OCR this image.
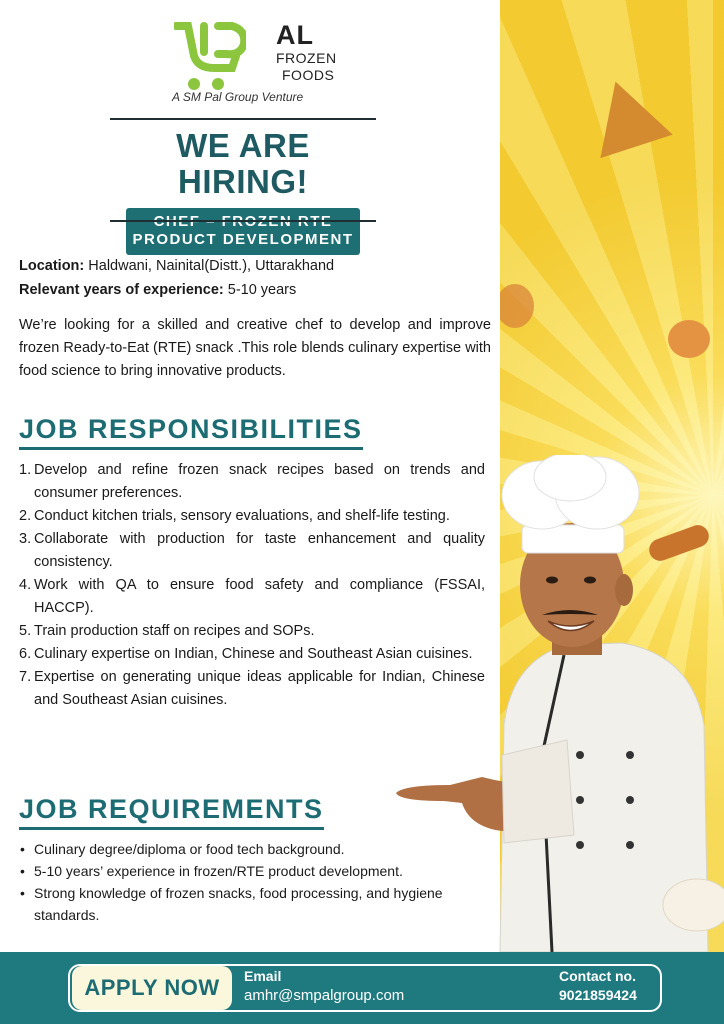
AL
FROZEN
FOODS
A SM Pal Group Venture
WE ARE HIRING!
CHEF – FROZEN RTE
PRODUCT DEVELOPMENT
Location: Haldwani, Nainital(Distt.), Uttarakhand
Relevant years of experience: 5-10 years
We’re looking for a skilled and creative chef to develop and improve frozen Ready-to-Eat (RTE) snack .This role blends culinary expertise with food science to bring innovative products.
JOB RESPONSIBILITIES
1. Develop and refine frozen snack recipes based on trends and consumer preferences.
2. Conduct kitchen trials, sensory evaluations, and shelf-life testing.
3. Collaborate with production for taste enhancement and quality consistency.
4. Work with QA to ensure food safety and compliance (FSSAI, HACCP).
5. Train production staff on recipes and SOPs.
6. Culinary expertise on Indian, Chinese and Southeast Asian cuisines.
7. Expertise on generating unique ideas applicable for Indian, Chinese and Southeast Asian cuisines.
JOB REQUIREMENTS
• Culinary degree/diploma or food tech background.
• 5-10 years’ experience in frozen/RTE product development.
• Strong knowledge of frozen snacks, food processing, and hygiene standards.
APPLY NOW	Email
amhr@smpalgroup.com
Contact no.
9021859424
